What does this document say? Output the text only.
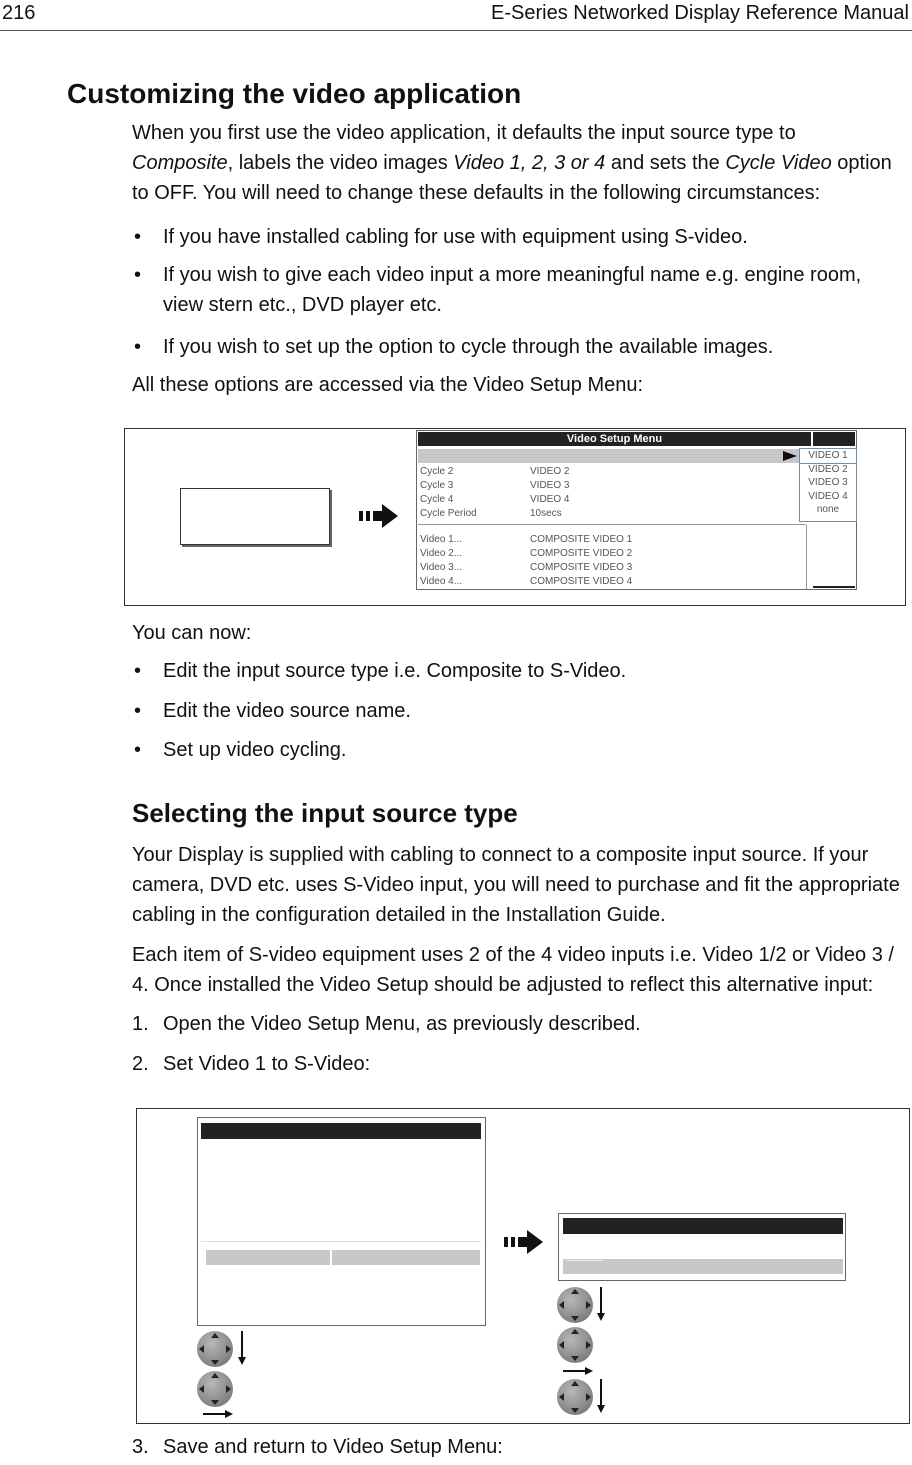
216	E-Series Networked Display Reference Manual
Customizing the video application

When you first use the video application, it defaults the input source type to

Composite, labels the video images Video 1, 2, 3 or 4 and sets the Cycle Video option

to OFF. You will need to change these defaults in the following circumstances:

• If you have installed cabling for use with equipment using S-video.

• If you wish to give each video input a more meaningful name e.g. engine room,

view stern etc., DVD player etc.

• If you wish to set up the option to cycle through the available images.

All these options are accessed via the Video Setup Menu:

Video Setup Menu
Cycle 2	VIDEO 2
Cycle 3	VIDEO 3
Cycle 4	VIDEO 4
Cycle Period	10secs
Video 1...	COMPOSITE VIDEO 1
Video 2...	COMPOSITE VIDEO 2
Video 3...	COMPOSITE VIDEO 3
Video 4...	COMPOSITE VIDEO 4
VIDEO 1
VIDEO 2
VIDEO 3
VIDEO 4
none

You can now:

• Edit the input source type i.e. Composite to S-Video.

• Edit the video source name.

• Set up video cycling.

Selecting the input source type

Your Display is supplied with cabling to connect to a composite input source. If your

camera, DVD etc. uses S-Video input, you will need to purchase and fit the appropriate

cabling in the configuration detailed in the Installation Guide.

Each item of S-video equipment uses 2 of the 4 video inputs i.e. Video 1/2 or Video 3 /

4. Once installed the Video Setup should be adjusted to reflect this alternative input:

1. Open the Video Setup Menu, as previously described.

2. Set Video 1 to S-Video:

3. Save and return to Video Setup Menu:
